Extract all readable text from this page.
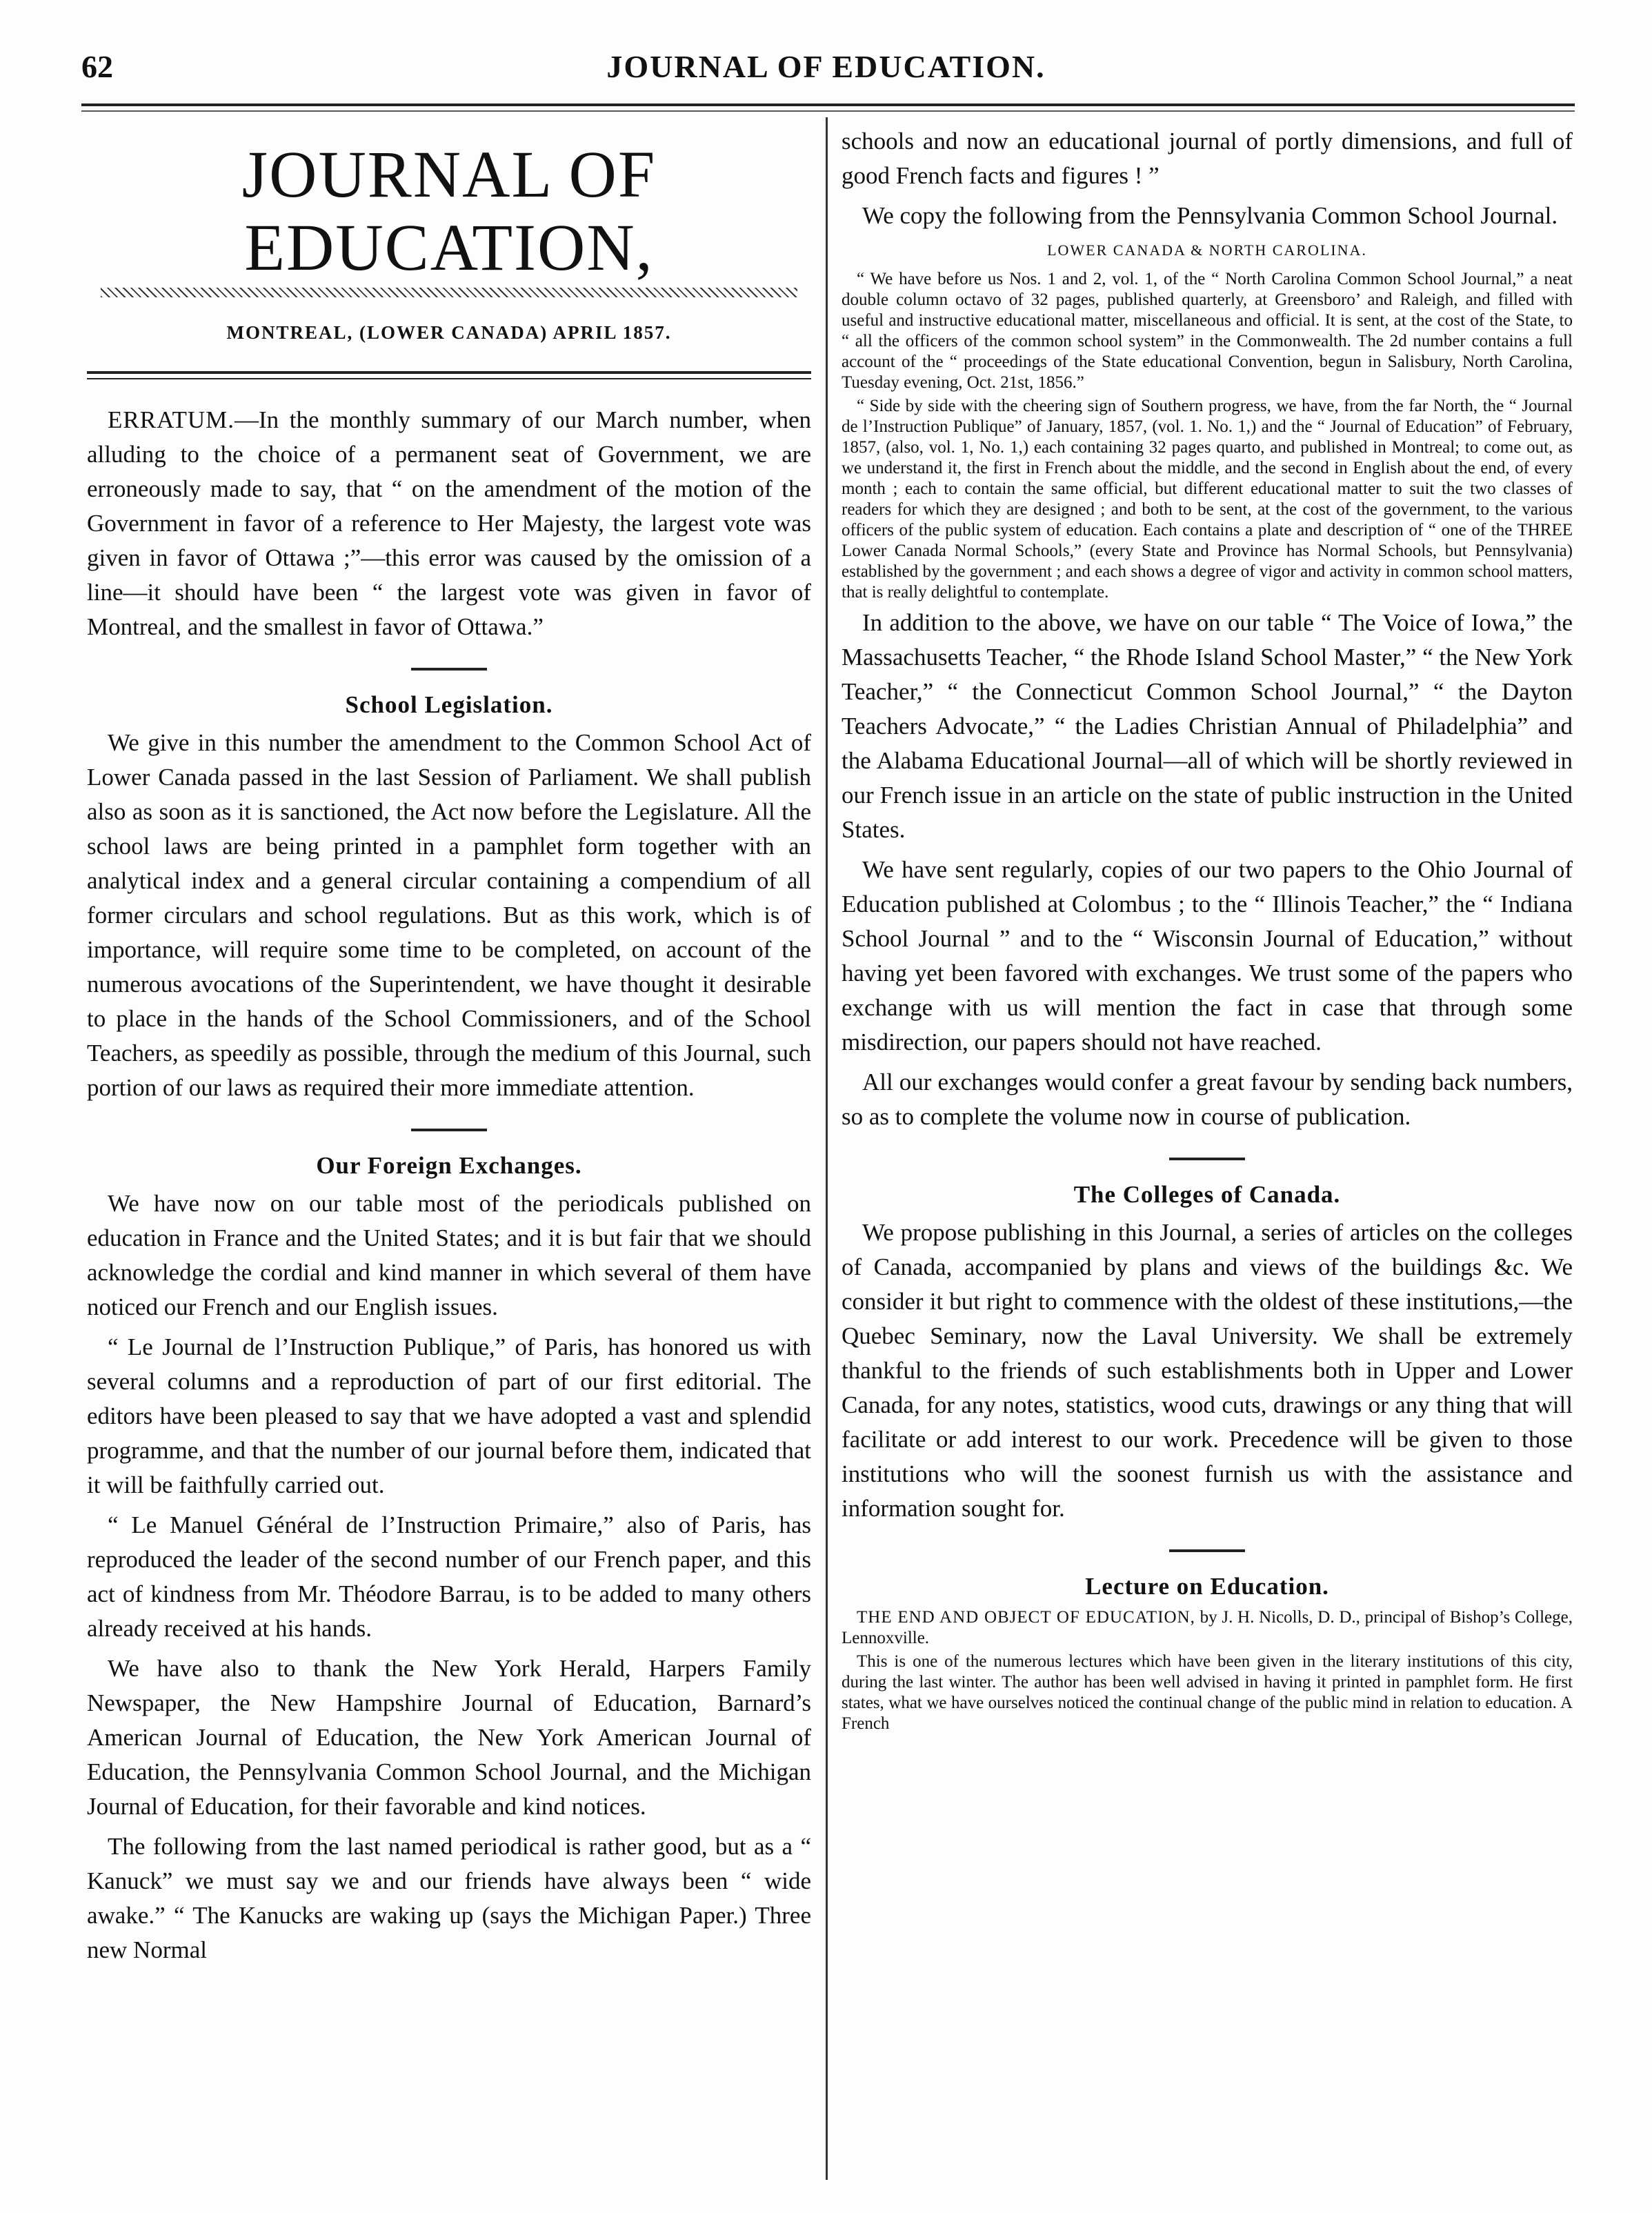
62	JOURNAL OF EDUCATION.
JOURNAL OF EDUCATION,
MONTREAL, (LOWER CANADA) APRIL 1857.

ERRATUM.—In the monthly summary of our March number, when alluding to the choice of a permanent seat of Government, we are erroneously made to say, that “ on the amendment of the motion of the Government in favor of a reference to Her Majesty, the largest vote was given in favor of Ottawa ;”—this error was caused by the omission of a line—it should have been “ the largest vote was given in favor of Montreal, and the smallest in favor of Ottawa.”

School Legislation.

We give in this number the amendment to the Common School Act of Lower Canada passed in the last Session of Parliament. We shall publish also as soon as it is sanctioned, the Act now before the Legislature. All the school laws are being printed in a pamphlet form together with an analytical index and a general circular containing a compendium of all former circulars and school regulations. But as this work, which is of importance, will require some time to be completed, on account of the numerous avocations of the Superintendent, we have thought it desirable to place in the hands of the School Commissioners, and of the School Teachers, as speedily as possible, through the medium of this Journal, such portion of our laws as required their more immediate attention.

Our Foreign Exchanges.

We have now on our table most of the periodicals published on education in France and the United States; and it is but fair that we should acknowledge the cordial and kind manner in which several of them have noticed our French and our English issues.

“ Le Journal de l’Instruction Publique,” of Paris, has honored us with several columns and a reproduction of part of our first editorial. The editors have been pleased to say that we have adopted a vast and splendid programme, and that the number of our journal before them, indicated that it will be faithfully carried out.

“ Le Manuel Général de l’Instruction Primaire,” also of Paris, has reproduced the leader of the second number of our French paper, and this act of kindness from Mr. Théodore Barrau, is to be added to many others already received at his hands.

We have also to thank the New York Herald, Harpers Family Newspaper, the New Hampshire Journal of Education, Barnard’s American Journal of Education, the New York American Journal of Education, the Pennsylvania Common School Journal, and the Michigan Journal of Education, for their favorable and kind notices.

The following from the last named periodical is rather good, but as a “ Kanuck” we must say we and our friends have always been “ wide awake.” “ The Kanucks are waking up (says the Michigan Paper.) Three new Normal

schools and now an educational journal of portly dimensions, and full of good French facts and figures ! ”

We copy the following from the Pennsylvania Common School Journal.

LOWER CANADA & NORTH CAROLINA.

“ We have before us Nos. 1 and 2, vol. 1, of the “ North Carolina Common School Journal,” a neat double column octavo of 32 pages, published quarterly, at Greensboro’ and Raleigh, and filled with useful and instructive educational matter, miscellaneous and official. It is sent, at the cost of the State, to “ all the officers of the common school system” in the Commonwealth. The 2d number contains a full account of the “ proceedings of the State educational Convention, begun in Salisbury, North Carolina, Tuesday evening, Oct. 21st, 1856.”

“ Side by side with the cheering sign of Southern progress, we have, from the far North, the “ Journal de l’Instruction Publique” of January, 1857, (vol. 1. No. 1,) and the “ Journal of Education” of February, 1857, (also, vol. 1, No. 1,) each containing 32 pages quarto, and published in Montreal; to come out, as we understand it, the first in French about the middle, and the second in English about the end, of every month ; each to contain the same official, but different educational matter to suit the two classes of readers for which they are designed ; and both to be sent, at the cost of the government, to the various officers of the public system of education. Each contains a plate and description of “ one of the THREE Lower Canada Normal Schools,” (every State and Province has Normal Schools, but Pennsylvania) established by the government ; and each shows a degree of vigor and activity in common school matters, that is really delightful to contemplate.

In addition to the above, we have on our table “ The Voice of Iowa,” the Massachusetts Teacher, “ the Rhode Island School Master,” “ the New York Teacher,” “ the Connecticut Common School Journal,” “ the Dayton Teachers Advocate,” “ the Ladies Christian Annual of Philadelphia” and the Alabama Educational Journal—all of which will be shortly reviewed in our French issue in an article on the state of public instruction in the United States.

We have sent regularly, copies of our two papers to the Ohio Journal of Education published at Colombus ; to the “ Illinois Teacher,” the “ Indiana School Journal ” and to the “ Wisconsin Journal of Education,” without having yet been favored with exchanges. We trust some of the papers who exchange with us will mention the fact in case that through some misdirection, our papers should not have reached.

All our exchanges would confer a great favour by sending back numbers, so as to complete the volume now in course of publication.

The Colleges of Canada.

We propose publishing in this Journal, a series of articles on the colleges of Canada, accompanied by plans and views of the buildings &c. We consider it but right to commence with the oldest of these institutions,—the Quebec Seminary, now the Laval University. We shall be extremely thankful to the friends of such establishments both in Upper and Lower Canada, for any notes, statistics, wood cuts, drawings or any thing that will facilitate or add interest to our work. Precedence will be given to those institutions who will the soonest furnish us with the assistance and information sought for.

Lecture on Education.

THE END AND OBJECT OF EDUCATION, by J. H. Nicolls, D. D., principal of Bishop’s College, Lennoxville.

This is one of the numerous lectures which have been given in the literary institutions of this city, during the last winter. The author has been well advised in having it printed in pamphlet form. He first states, what we have ourselves noticed the continual change of the public mind in relation to education. A French
